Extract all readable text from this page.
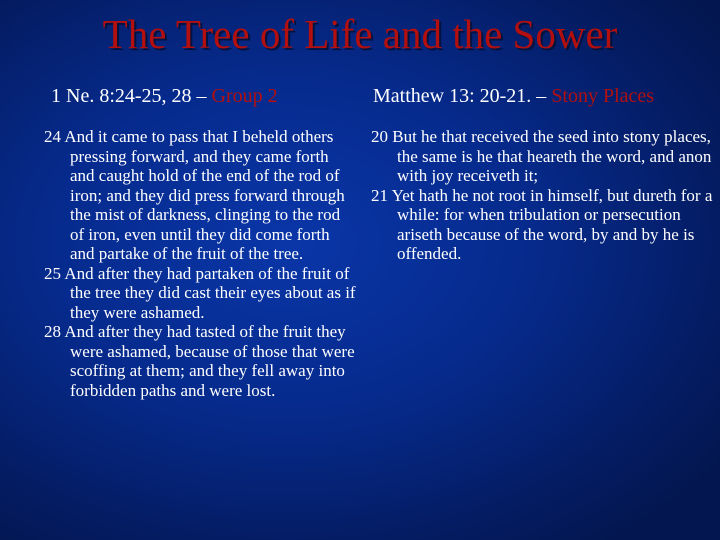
The Tree of Life and the Sower
1 Ne. 8:24-25, 28 – Group 2	Matthew 13: 20-21. – Stony Places

24 And it came to pass that I beheld others pressing forward, and they came forth and caught hold of the end of the rod of iron; and they did press forward through the mist of darkness, clinging to the rod of iron, even until they did come forth and partake of the fruit of the tree.

25 And after they had partaken of the fruit of the tree they did cast their eyes about as if they were ashamed.

28 And after they had tasted of the fruit they were ashamed, because of those that were scoffing at them; and they fell away into forbidden paths and were lost.

20 But he that received the seed into stony places, the same is he that heareth the word, and anon with joy receiveth it;

21 Yet hath he not root in himself, but dureth for a while: for when tribulation or persecution ariseth because of the word, by and by he is offended.
